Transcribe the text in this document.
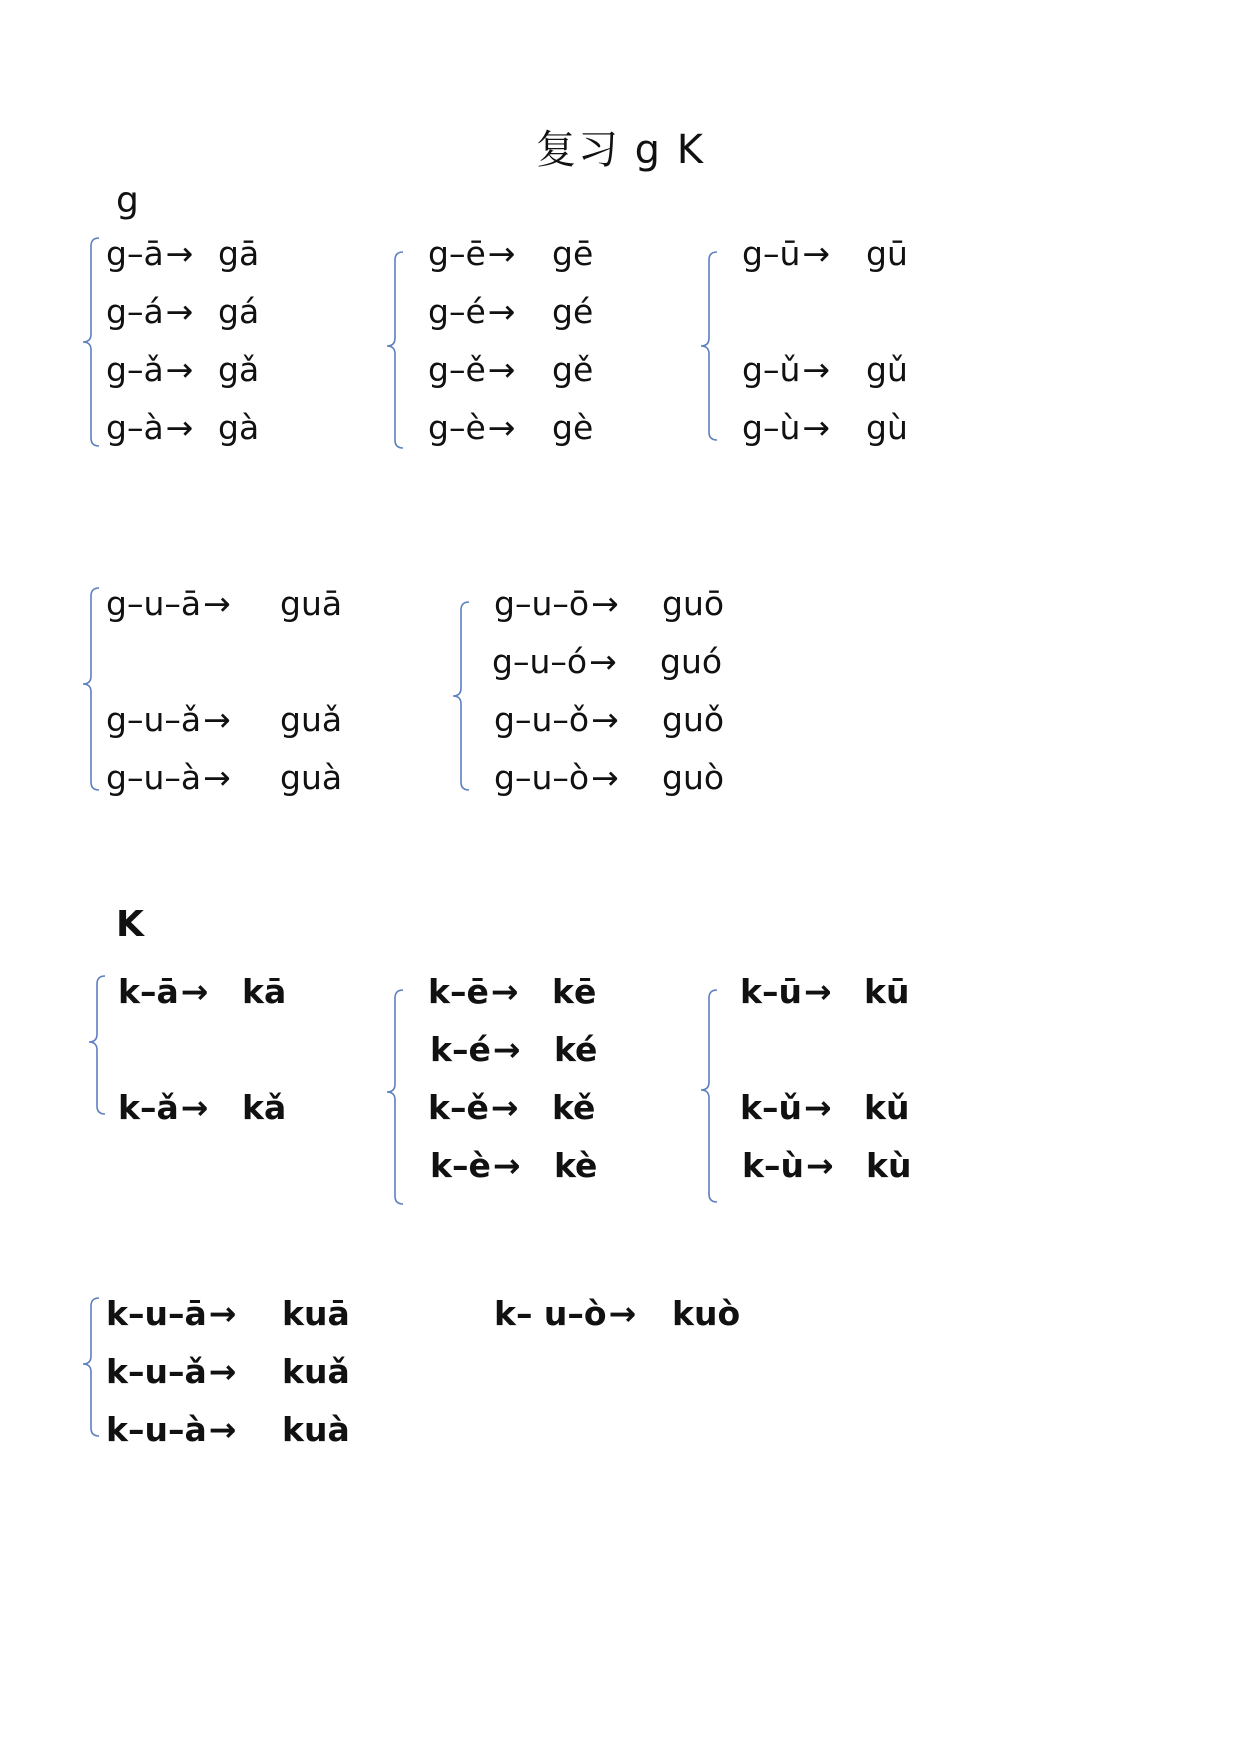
复习 g K
g
g–ā→ gā
g–á→ gá
g–ǎ→ gǎ
g–à→ gà
g–ē→ gē
g–é→ gé
g–ě→ gě
g–è→ gè
g–ū→ gū
g–ǔ→ gǔ
g–ù→ gù
g–u–ā→ guā
g–u–ǎ→ guǎ
g–u–à→ guà
g–u–ō→ guō
g–u–ó→ guó
g–u–ǒ→ guǒ
g–u–ò→ guò
K
k–ā→ kā
k–ǎ→ kǎ
k–ē→ kē
k–é→ ké
k–ě→ kě
k–è→ kè
k–ū→ kū
k–ǔ→ kǔ
k–ù→ kù
k–u–ā→ kuā
k–u–ǎ→ kuǎ
k–u–à→ kuà
k– u–ò→ kuò
